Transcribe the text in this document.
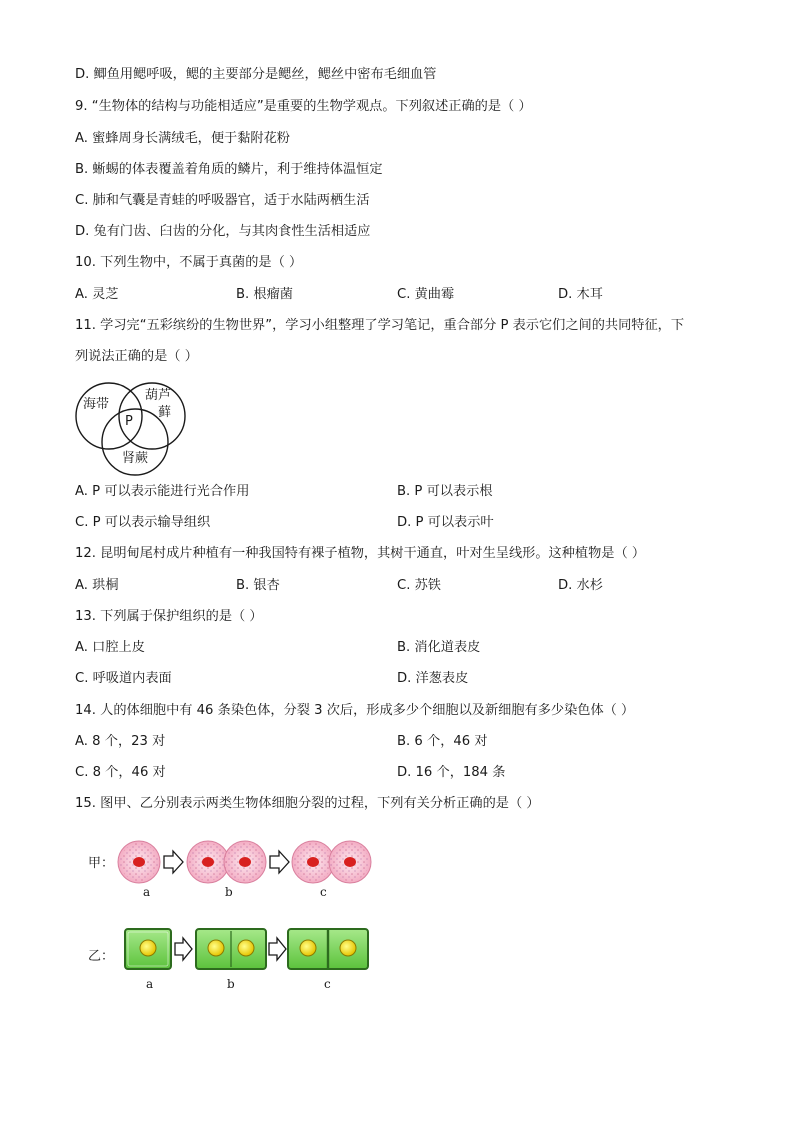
D. 鲫鱼用鳃呼吸，鳃的主要部分是鳃丝，鳃丝中密布毛细血管
9. “生物体的结构与功能相适应”是重要的生物学观点。下列叙述正确的是（ ）
A. 蜜蜂周身长满绒毛，便于黏附花粉
B. 蜥蜴的体表覆盖着角质的鳞片，利于维持体温恒定
C. 肺和气囊是青蛙的呼吸器官，适于水陆两栖生活
D. 兔有门齿、臼齿的分化，与其肉食性生活相适应
10. 下列生物中，不属于真菌的是（ ）
A. 灵芝	B. 根瘤菌	C. 黄曲霉	D. 木耳
11. 学习完“五彩缤纷的生物世界”，学习小组整理了学习笔记，重合部分 P 表示它们之间的共同特征，下
列说法正确的是（ ）
海带
葫芦
藓
P
肾蕨
A. P 可以表示能进行光合作用	B. P 可以表示根
C. P 可以表示输导组织	D. P 可以表示叶
12. 昆明甸尾村成片种植有一种我国特有裸子植物，其树干通直，叶对生呈线形。这种植物是（ ）
A. 珙桐	B. 银杏	C. 苏铁	D. 水杉
13. 下列属于保护组织的是（ ）
A. 口腔上皮	B. 消化道表皮
C. 呼吸道内表面	D. 洋葱表皮
14. 人的体细胞中有 46 条染色体，分裂 3 次后，形成多少个细胞以及新细胞有多少染色体（ ）
A. 8 个，23 对	B. 6 个，46 对
C. 8 个，46 对	D. 16 个，184 条
15. 图甲、乙分别表示两类生物体细胞分裂的过程，下列有关分析正确的是（ ）
甲：
a	b	c
乙：
a	b	c
